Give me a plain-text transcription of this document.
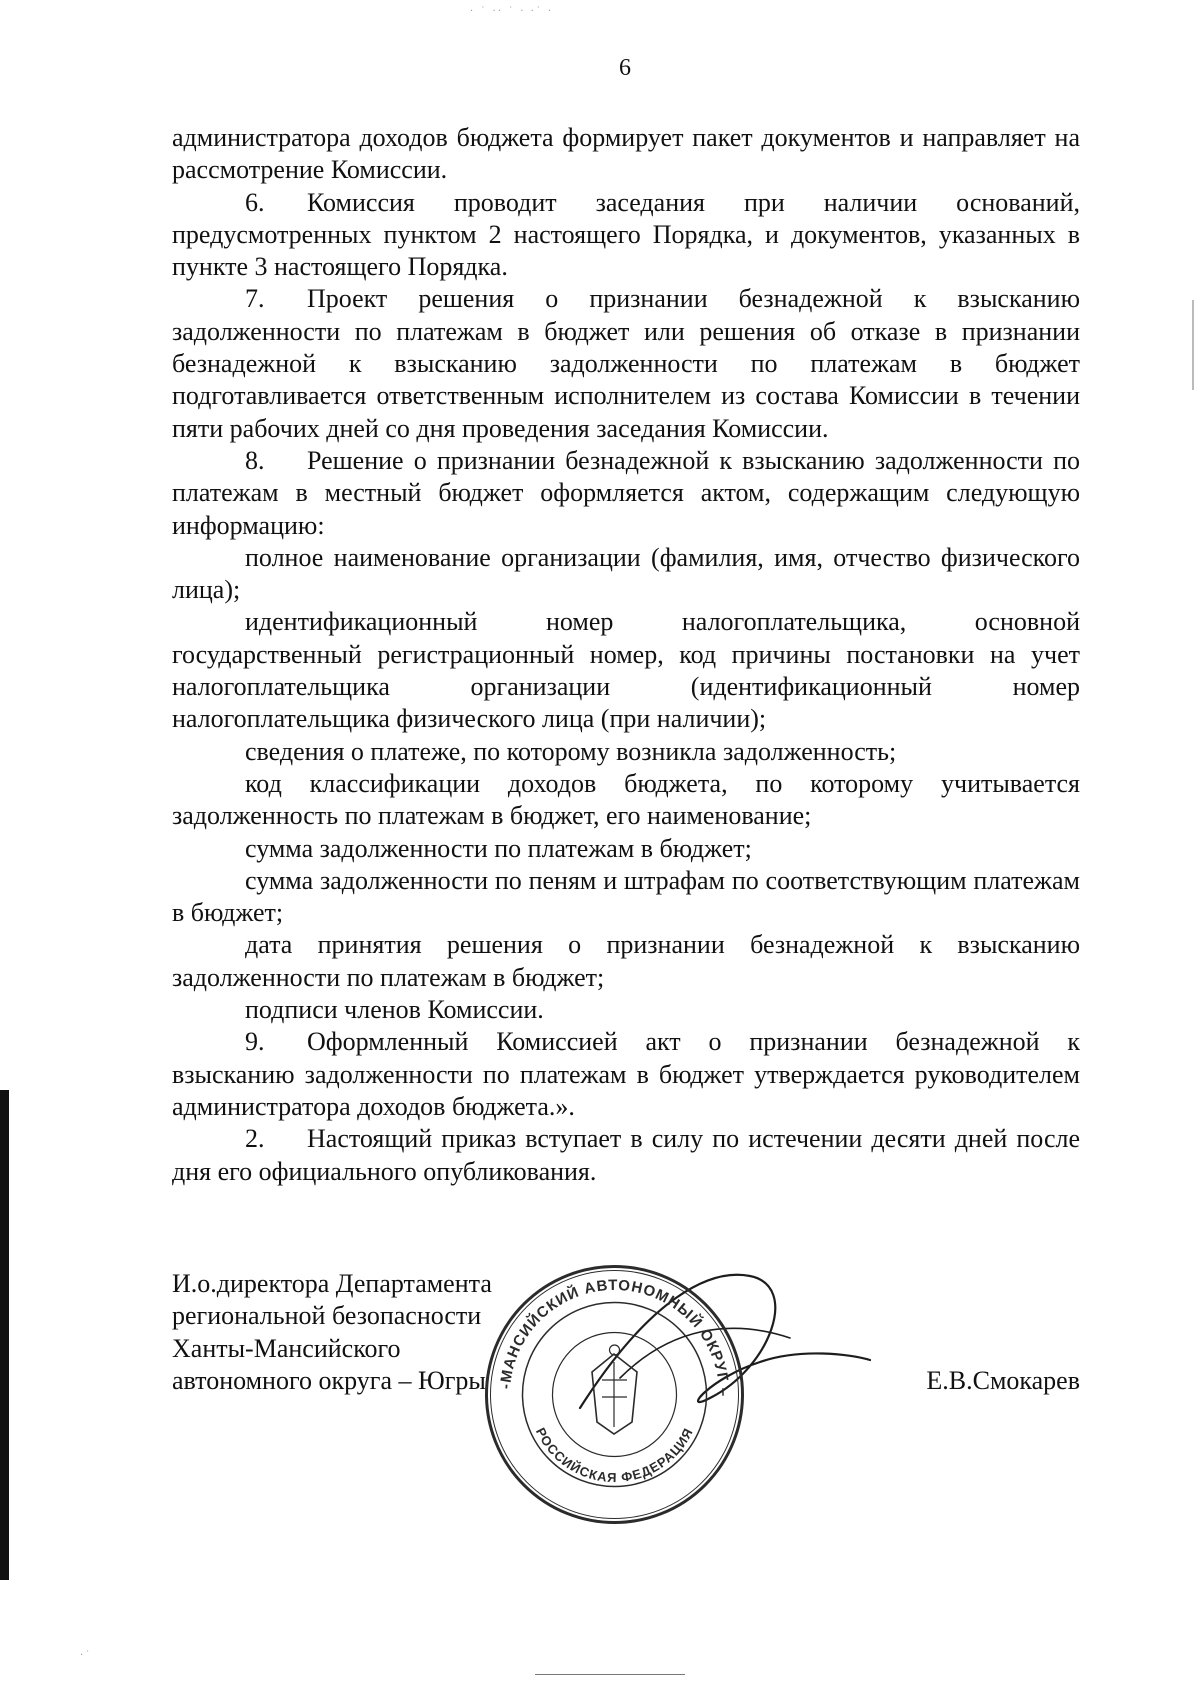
· ˙ ·· ˙ · ·˙ ·
·˙
6

администратора доходов бюджета формирует пакет документов и направляет на рассмотрение Комиссии.

6. Комиссия проводит заседания при наличии оснований, предусмотренных пунктом 2 настоящего Порядка, и документов, указанных в пункте 3 настоящего Порядка.

7. Проект решения о признании безнадежной к взысканию задолженности по платежам в бюджет или решения об отказе в признании безнадежной к взысканию задолженности по платежам в бюджет подготавливается ответственным исполнителем из состава Комиссии в течении пяти рабочих дней со дня проведения заседания Комиссии.

8. Решение о признании безнадежной к взысканию задолженности по платежам в местный бюджет оформляется актом, содержащим следующую информацию:

полное наименование организации (фамилия, имя, отчество физического лица);

идентификационный номер налогоплательщика, основной государственный регистрационный номер, код причины постановки на учет налогоплательщика организации (идентификационный номер налогоплательщика физического лица (при наличии);

сведения о платеже, по которому возникла задолженность;

код классификации доходов бюджета, по которому учитывается задолженность по платежам в бюджет, его наименование;

сумма задолженности по платежам в бюджет;

сумма задолженности по пеням и штрафам по соответствующим платежам в бюджет;

дата принятия решения о признании безнадежной к взысканию задолженности по платежам в бюджет;

подписи членов Комиссии.

9. Оформленный Комиссией акт о признании безнадежной к взысканию задолженности по платежам в бюджет утверждается руководителем администратора доходов бюджета.».

2. Настоящий приказ вступает в силу по истечении десяти дней после дня его официального опубликования.

И.о.директора Департамента
региональной безопасности
Ханты-Мансийского
автономного округа – Югры	Е.В.Смокарев
-МАНСИЙСКИЙ АВТОНОМНЫЙ ОКРУГ –
РОССИЙСКАЯ ФЕДЕРАЦИЯ
